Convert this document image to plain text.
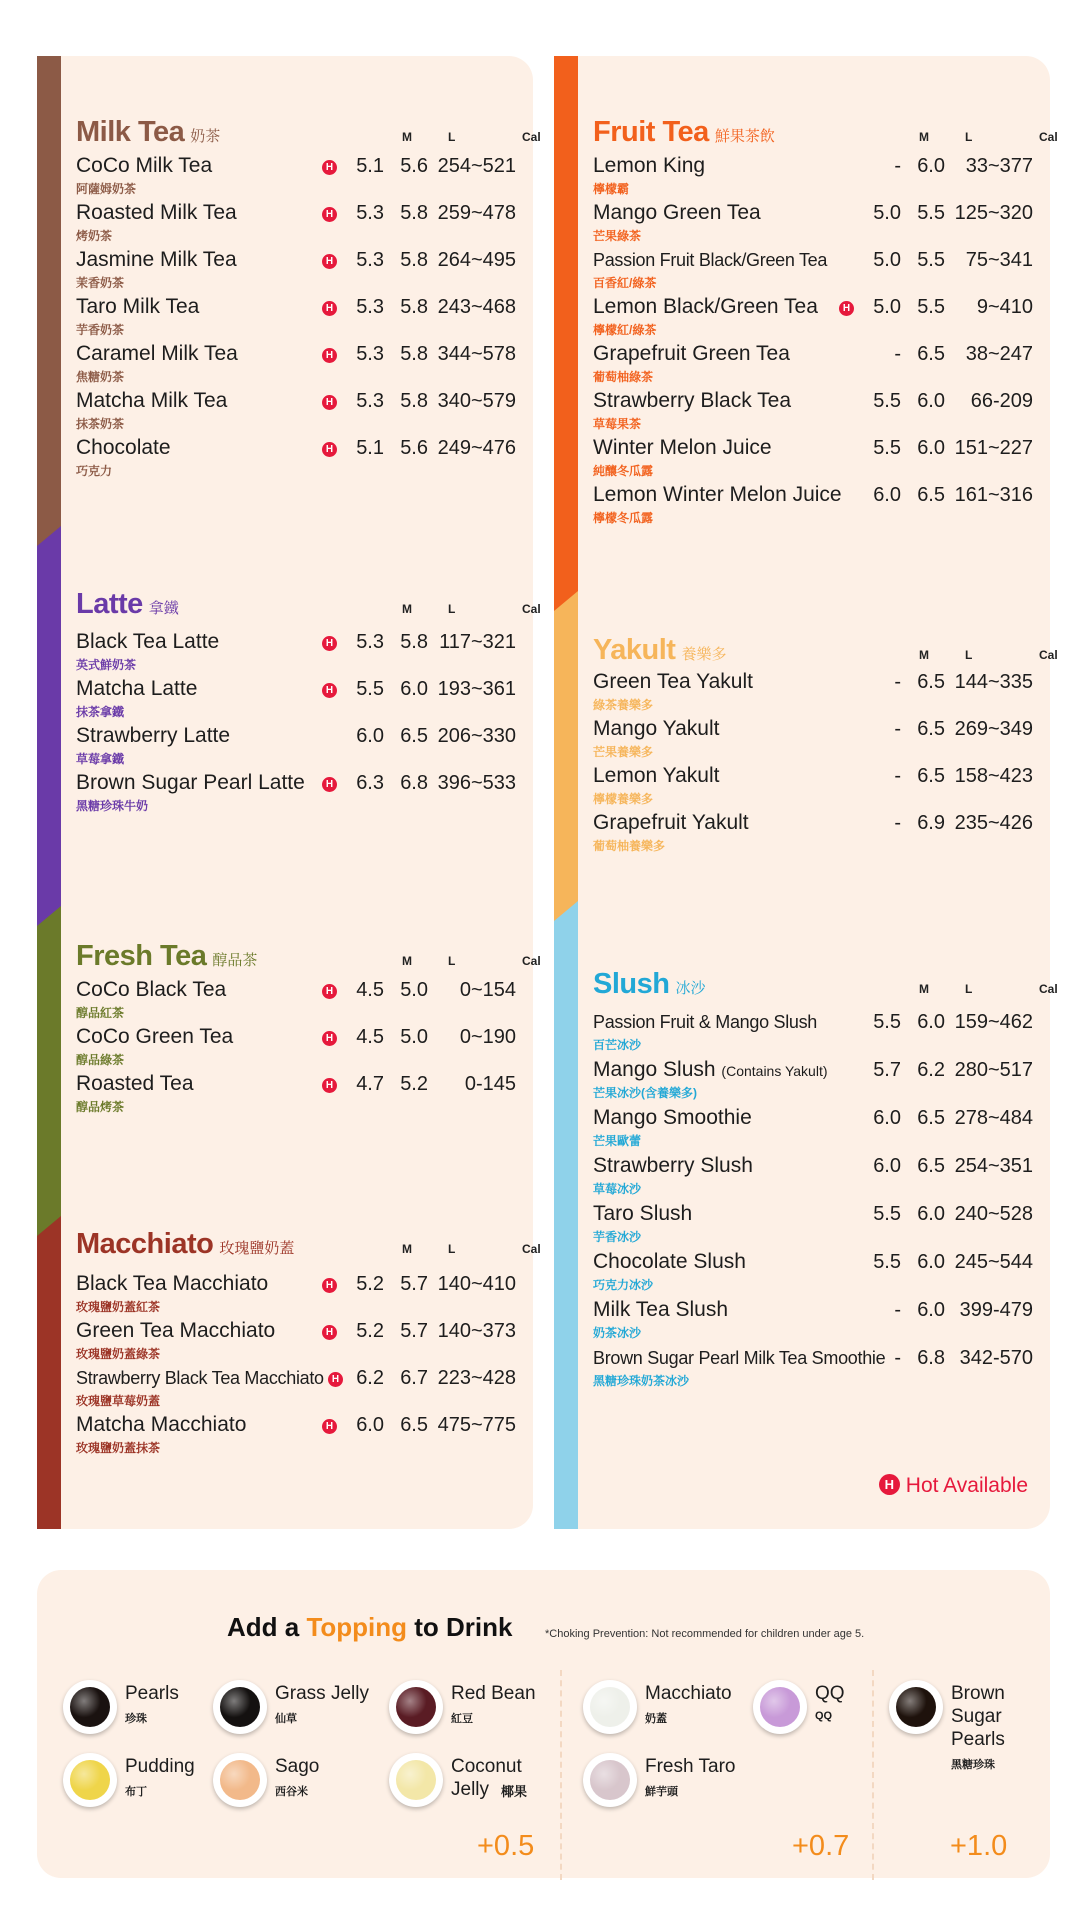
Milk Tea 奶茶	M	L	Cal
CoCo Milk Tea
阿薩姆奶茶
H	5.1 5.6 254~521
Roasted Milk Tea
烤奶茶
H	5.3 5.8 259~478
Jasmine Milk Tea
茉香奶茶
H	5.3 5.8 264~495
Taro Milk Tea
芋香奶茶
H	5.3 5.8 243~468
Caramel Milk Tea
焦糖奶茶
H	5.3 5.8 344~578
Matcha Milk Tea
抹茶奶茶
H	5.3 5.8 340~579
Chocolate
巧克力
H	5.1 5.6 249~476
Latte 拿鐵	M	L	Cal
Black Tea Latte
英式鮮奶茶
H	5.3 5.8 117~321
Matcha Latte
抹茶拿鐵
H	5.5 6.0 193~361
Strawberry Latte
草莓拿鐵
6.0 6.5 206~330
Brown Sugar Pearl Latte
黑糖珍珠牛奶
H	6.3 6.8 396~533
Fresh Tea 醇品茶	M	L	Cal
CoCo Black Tea
醇品紅茶
H	4.5 5.0	0~154
CoCo Green Tea
醇品綠茶
H	4.5 5.0	0~190
Roasted Tea
醇品烤茶
H	4.7 5.2	0-145
Macchiato 玫瑰鹽奶蓋	M	L	Cal
Black Tea Macchiato
玫瑰鹽奶蓋紅茶
H	5.2 5.7 140~410
Green Tea Macchiato
玫瑰鹽奶蓋綠茶
H	5.2 5.7 140~373
Strawberry Black Tea Macchiato
玫瑰鹽草莓奶蓋
H 6.2 6.7 223~428
Matcha Macchiato
玫瑰鹽奶蓋抹茶
H	6.0 6.5 475~775
Fruit Tea 鮮果茶飲	M	L	Cal
Lemon King
檸檬霸
- 6.0	33~377
Mango Green Tea
芒果綠茶
5.0 5.5 125~320
Passion Fruit Black/Green Tea
百香紅/綠茶
5.0 5.5	75~341
Lemon Black/Green Tea
檸檬紅/綠茶
H	5.0 5.5	9~410
Grapefruit Green Tea
葡萄柚綠茶
- 6.5	38~247
Strawberry Black Tea
草莓果茶
5.5 6.0	66-209
Winter Melon Juice
純釀冬瓜露
5.5 6.0 151~227
Lemon Winter Melon Juice
檸檬冬瓜露
6.0 6.5 161~316
Yakult 養樂多	M	L	Cal
Green Tea Yakult
綠茶養樂多
- 6.5 144~335
Mango Yakult
芒果養樂多
- 6.5 269~349
Lemon Yakult
檸檬養樂多
- 6.5 158~423
Grapefruit Yakult
葡萄柚養樂多
- 6.9 235~426
Slush 冰沙	M	L	Cal
Passion Fruit & Mango Slush
百芒冰沙
5.5 6.0 159~462
Mango Slush (Contains Yakult)
芒果冰沙(含養樂多)
5.7 6.2 280~517
Mango Smoothie
芒果歐蕾
6.0 6.5 278~484
Strawberry Slush
草莓冰沙
6.0 6.5 254~351
Taro Slush
芋香冰沙
5.5 6.0 240~528
Chocolate Slush
巧克力冰沙
5.5 6.0 245~544
Milk Tea Slush
奶茶冰沙
- 6.0 399-479
Brown Sugar Pearl Milk Tea Smoothie
黑糖珍珠奶茶冰沙
- 6.8 342-570
H Hot Available
Add a Topping to Drink	*Choking Prevention: Not recommended for children under age 5.
Pearls
珍珠
Grass Jelly
仙草
Red Bean
紅豆
Pudding
布丁
Sago
西谷米
Coconut
Jelly 椰果
+0.5
Macchiato
奶蓋
QQ
QQ
Fresh Taro
鮮芋頭
+0.7
Brown
Sugar
Pearls
黑糖珍珠
+1.0
